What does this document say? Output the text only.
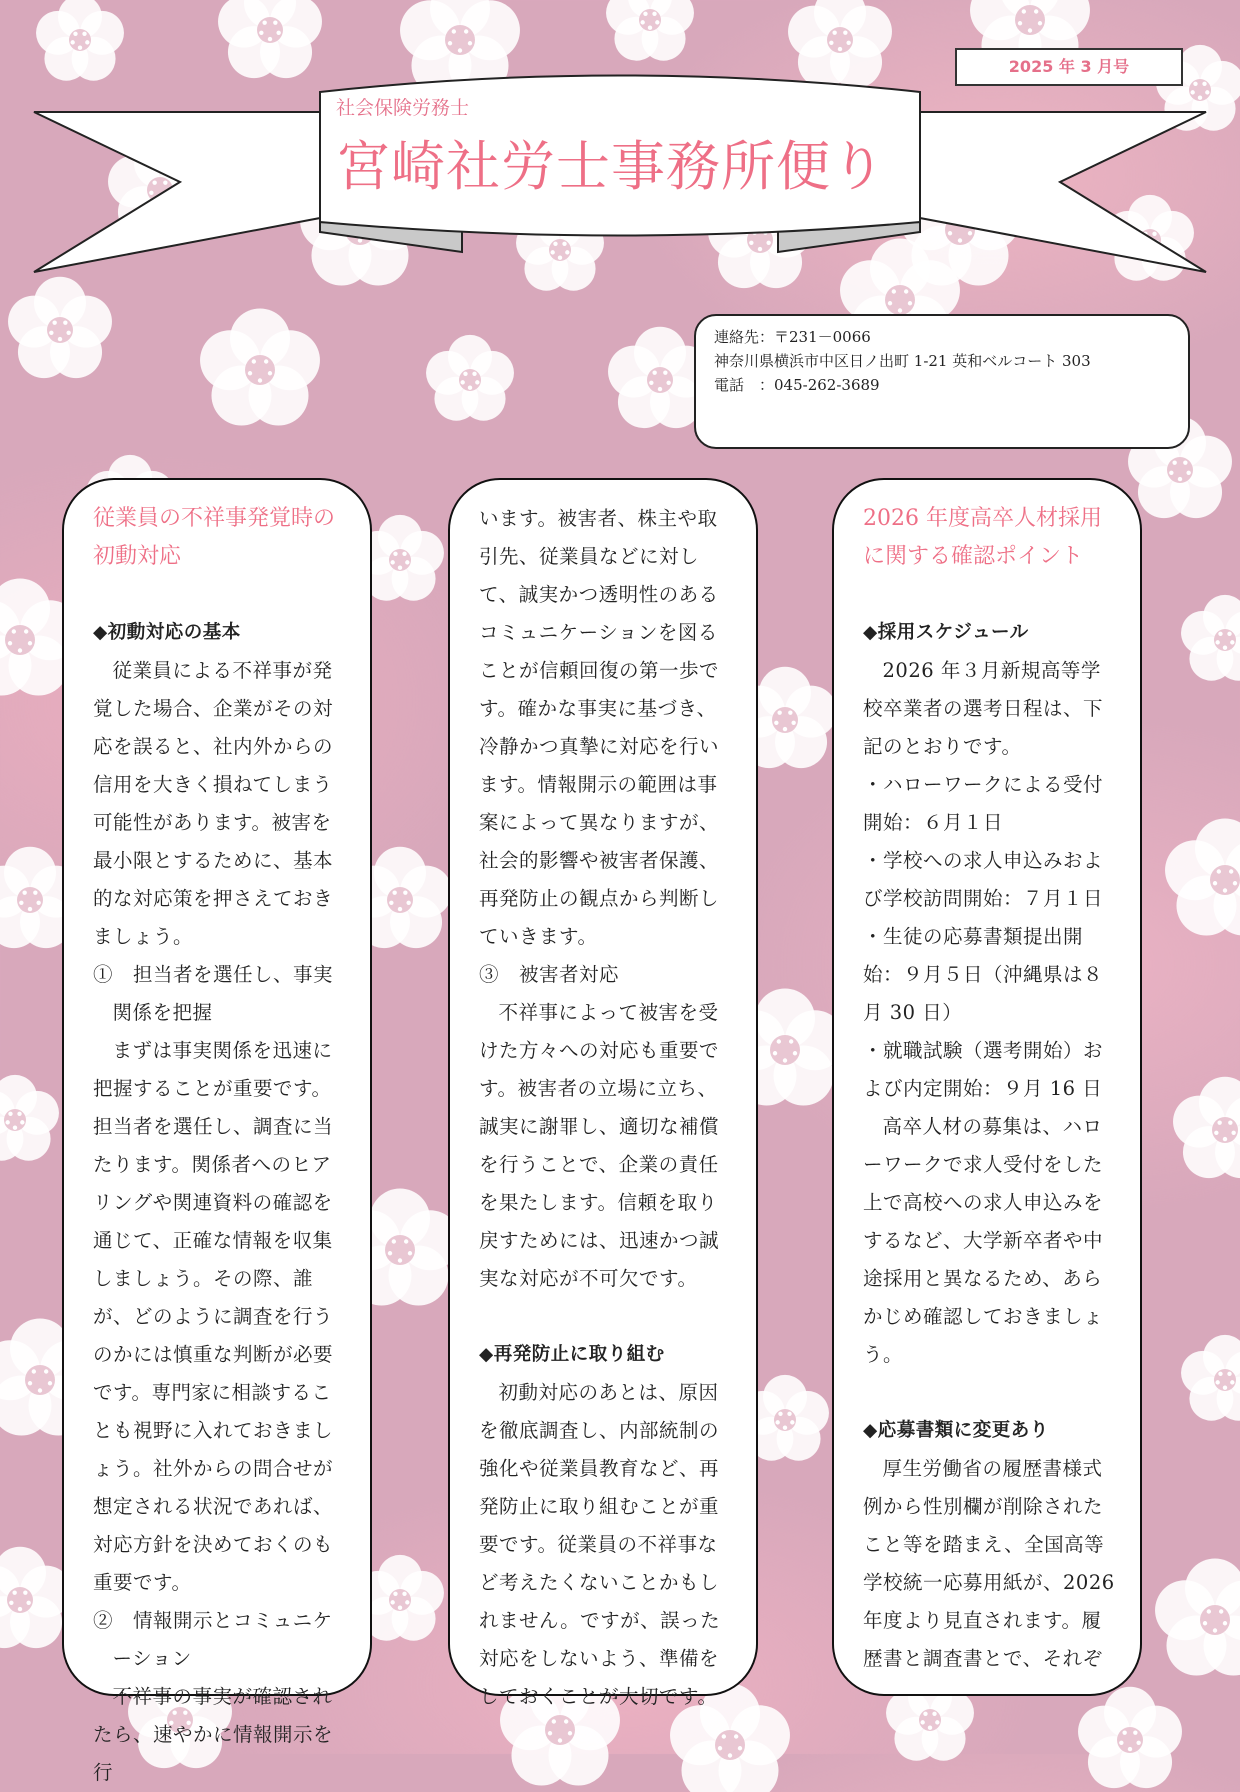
2025 年 3 月号
社会保険労務士
宮崎社労士事務所便り
連絡先：〒231－0066
神奈川県横浜市中区日ノ出町 1-21 英和ベルコート 303
電話　：045-262-3689
従業員の不祥事発覚時の
初動対応

◆初動対応の基本

従業員による不祥事が発覚した場合、企業がその対応を誤ると、社内外からの信用を大きく損ねてしまう可能性があります。被害を最小限とするために、基本的な対応策を押さえておきましょう。

①　担当者を選任し、事実関係を把握

まずは事実関係を迅速に把握することが重要です。担当者を選任し、調査に当たります。関係者へのヒアリングや関連資料の確認を通じて、正確な情報を収集しましょう。その際、誰が、どのように調査を行うのかには慎重な判断が必要です。専門家に相談することも視野に入れておきましょう。社外からの問合せが想定される状況であれば、対応方針を決めておくのも重要です。

②　情報開示とコミュニケーション

不祥事の事実が確認されたら、速やかに情報開示を行

います。被害者、株主や取引先、従業員などに対して、誠実かつ透明性のあるコミュニケーションを図ることが信頼回復の第一歩です。確かな事実に基づき、冷静かつ真摯に対応を行います。情報開示の範囲は事案によって異なりますが、社会的影響や被害者保護、再発防止の観点から判断していきます。

③　被害者対応

不祥事によって被害を受けた方々への対応も重要です。被害者の立場に立ち、誠実に謝罪し、適切な補償を行うことで、企業の責任を果たします。信頼を取り戻すためには、迅速かつ誠実な対応が不可欠です。

◆再発防止に取り組む

初動対応のあとは、原因を徹底調査し、内部統制の強化や従業員教育など、再発防止に取り組むことが重要です。従業員の不祥事など考えたくないことかもしれません。ですが、誤った対応をしないよう、準備をしておくことが大切です。

2026 年度高卒人材採用
に関する確認ポイント

◆採用スケジュール

2026 年３月新規高等学校卒業者の選考日程は、下記のとおりです。

・ハローワークによる受付開始：６月１日

・学校への求人申込みおよび学校訪問開始：７月１日

・生徒の応募書類提出開始：９月５日（沖縄県は８月 30 日）

・就職試験（選考開始）および内定開始：９月 16 日

高卒人材の募集は、ハローワークで求人受付をした上で高校への求人申込みをするなど、大学新卒者や中途採用と異なるため、あらかじめ確認しておきましょう。

◆応募書類に変更あり

厚生労働省の履歴書様式例から性別欄が削除されたこと等を踏まえ、全国高等学校統一応募用紙が、2026 年度より見直されます。履歴書と調査書とで、それぞ
